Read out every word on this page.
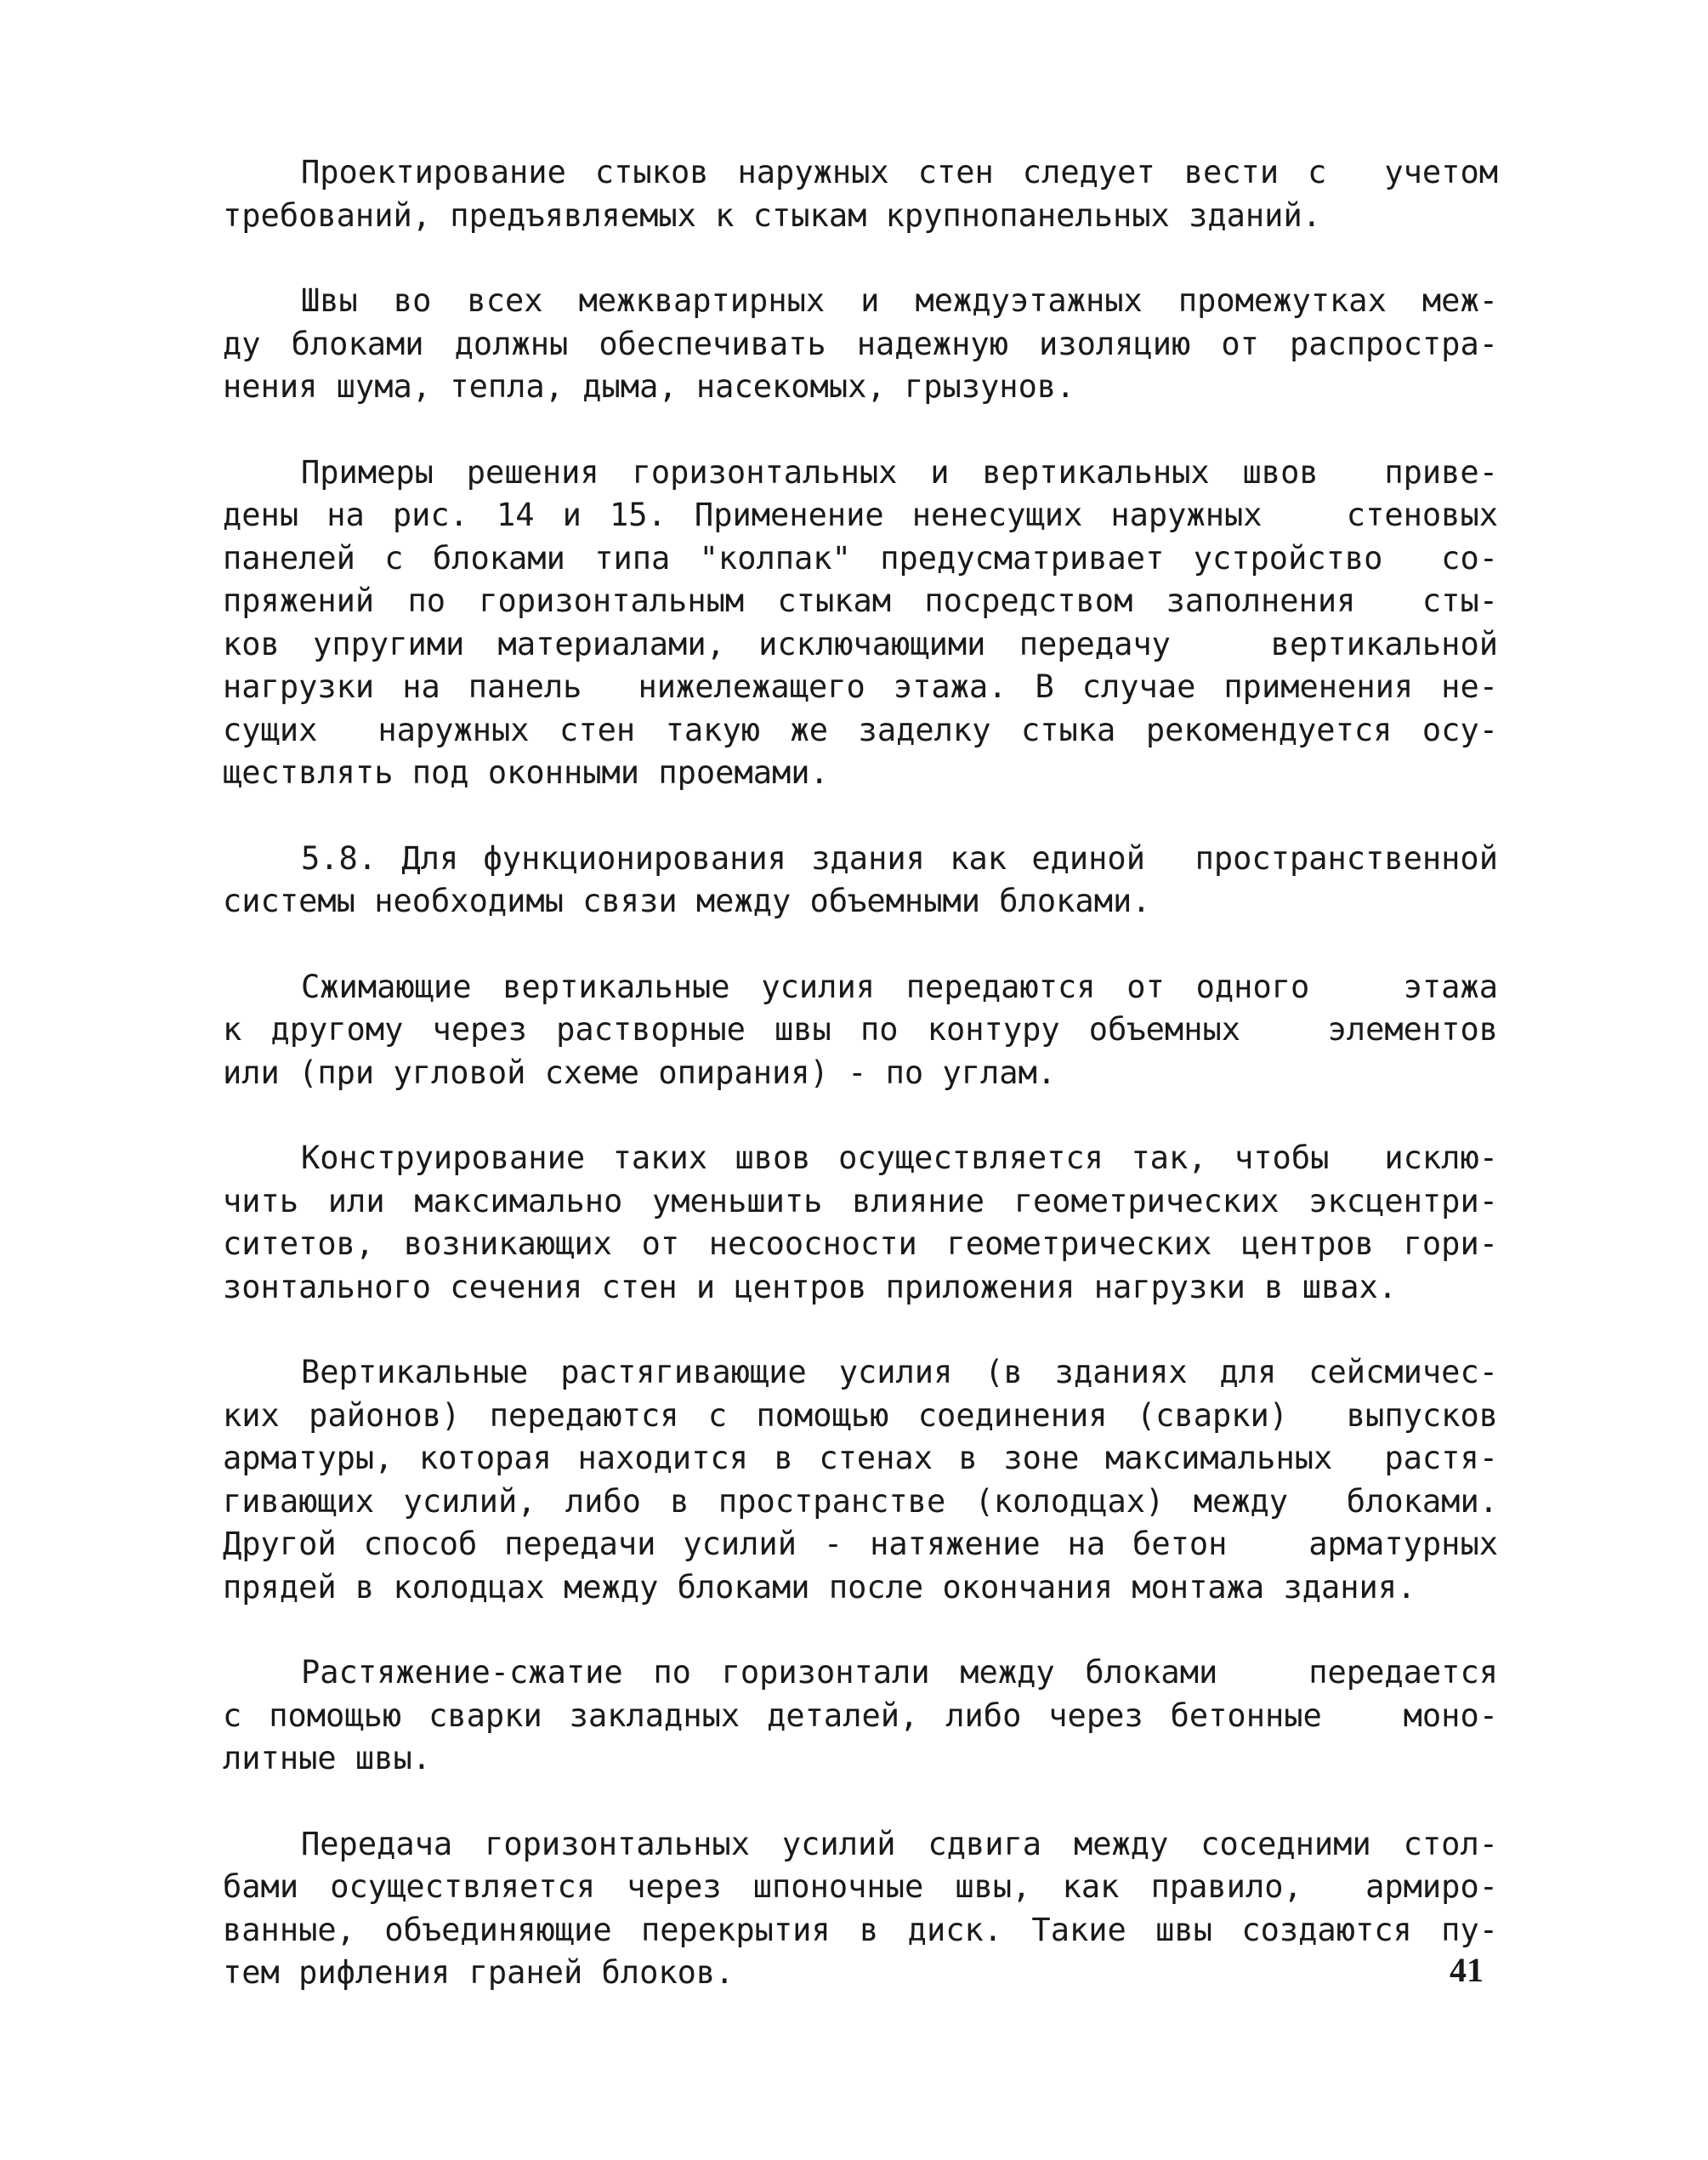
Проектирование стыков наружных стен следует вести с  учетом
требований, предъявляемых к стыкам крупнопанельных зданий.
Швы во всех межквартирных и междуэтажных промежутках меж-
ду блоками должны обеспечивать надежную изоляцию от распростра-
нения шума, тепла, дыма, насекомых, грызунов.
Примеры решения горизонтальных и вертикальных швов  приве-
дены на рис. 14 и 15. Применение ненесущих наружных   стеновых
панелей с блоками типа "колпак" предусматривает устройство  со-
пряжений по горизонтальным стыкам посредством заполнения  сты-
ков упругими материалами, исключающими передачу   вертикальной
нагрузки на панель  нижележащего этажа. В случае применения не-
сущих  наружных стен такую же заделку стыка рекомендуется осу-
ществлять под оконными проемами.
5.8. Для функционирования здания как единой  пространственной
системы необходимы связи между объемными блоками.
Сжимающие вертикальные усилия передаются от одного   этажа
к другому через растворные швы по контуру объемных   элементов
или (при угловой схеме опирания) - по углам.
Конструирование таких швов осуществляется так, чтобы  исклю-
чить или максимально уменьшить влияние геометрических эксцентри-
ситетов, возникающих от несоосности геометрических центров гори-
зонтального сечения стен и центров приложения нагрузки в швах.
Вертикальные растягивающие усилия (в зданиях для сейсмичес-
ких районов) передаются с помощью соединения (сварки)  выпусков
арматуры, которая находится в стенах в зоне максимальных  растя-
гивающих усилий, либо в пространстве (колодцах) между  блоками.
Другой способ передачи усилий - натяжение на бетон   арматурных
прядей в колодцах между блоками после окончания монтажа здания.
Растяжение-сжатие по горизонтали между блоками   передается
с помощью сварки закладных деталей, либо через бетонные   моно-
литные швы.
Передача горизонтальных усилий сдвига между соседними стол-
бами осуществляется через шпоночные швы, как правило,  армиро-
ванные, объединяющие перекрытия в диск. Такие швы создаются пу-
тем рифления граней блоков.	41
